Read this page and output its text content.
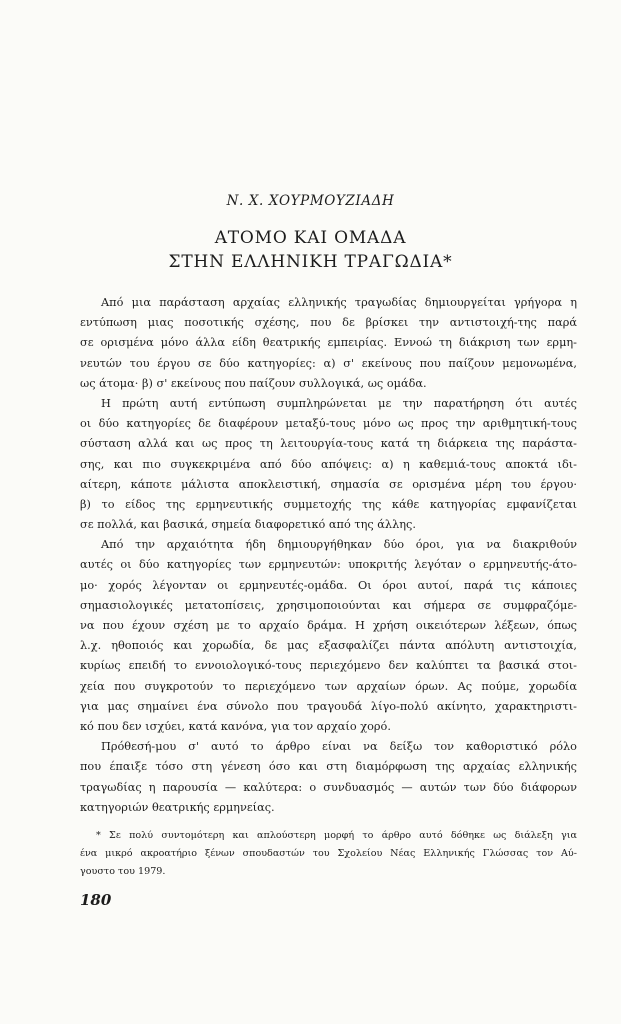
Ν. Χ. ΧΟΥΡΜΟΥΖΙΑΔΗ
ΑΤΟΜΟ ΚΑΙ ΟΜΑΔΑ
ΣΤΗΝ ΕΛΛΗΝΙΚΗ ΤΡΑΓΩΔΙΑ*
Από μια παράσταση αρχαίας ελληνικής τραγωδίας δημιουργείται γρήγορα η
εντύπωση μιας ποσοτικής σχέσης, που δε βρίσκει την αντιστοιχή-της παρά
σε ορισμένα μόνο άλλα είδη θεατρικής εμπειρίας. Εννοώ τη διάκριση των ερμη-
νευτών του έργου σε δύο κατηγορίες: α) σ' εκείνους που παίζουν μεμονωμένα,
ως άτομα· β) σ' εκείνους που παίζουν συλλογικά, ως ομάδα.
Η πρώτη αυτή εντύπωση συμπληρώνεται με την παρατήρηση ότι αυτές
οι δύο κατηγορίες δε διαφέρουν μεταξύ-τους μόνο ως προς την αριθμητική-τους
σύσταση αλλά και ως προς τη λειτουργία-τους κατά τη διάρκεια της παράστα-
σης, και πιο συγκεκριμένα από δύο απόψεις: α) η καθεμιά-τους αποκτά ιδι-
αίτερη, κάποτε μάλιστα αποκλειστική, σημασία σε ορισμένα μέρη του έργου·
β) το είδος της ερμηνευτικής συμμετοχής της κάθε κατηγορίας εμφανίζεται
σε πολλά, και βασικά, σημεία διαφορετικό από της άλλης.
Από την αρχαιότητα ήδη δημιουργήθηκαν δύο όροι, για να διακριθούν
αυτές οι δύο κατηγορίες των ερμηνευτών: υποκριτής λεγόταν ο ερμηνευτής-άτο-
μο· χορός λέγονταν οι ερμηνευτές-ομάδα. Οι όροι αυτοί, παρά τις κάποιες
σημασιολογικές μετατοπίσεις, χρησιμοποιούνται και σήμερα σε συμφραζόμε-
να που έχουν σχέση με το αρχαίο δράμα. Η χρήση οικειότερων λέξεων, όπως
λ.χ. ηθοποιός και χορωδία, δε μας εξασφαλίζει πάντα απόλυτη αντιστοιχία,
κυρίως επειδή το εννοιολογικό-τους περιεχόμενο δεν καλύπτει τα βασικά στοι-
χεία που συγκροτούν το περιεχόμενο των αρχαίων όρων. Ας πούμε, χορωδία
για μας σημαίνει ένα σύνολο που τραγουδά λίγο-πολύ ακίνητο, χαρακτηριστι-
κό που δεν ισχύει, κατά κανόνα, για τον αρχαίο χορό.
Πρόθεσή-μου σ' αυτό το άρθρο είναι να δείξω τον καθοριστικό ρόλο
που έπαιξε τόσο στη γένεση όσο και στη διαμόρφωση της αρχαίας ελληνικής
τραγωδίας η παρουσία — καλύτερα: ο συνδυασμός — αυτών των δύο διάφορων
κατηγοριών θεατρικής ερμηνείας.
* Σε πολύ συντομότερη και απλούστερη μορφή το άρθρο αυτό δόθηκε ως διάλεξη για
ένα μικρό ακροατήριο ξένων σπουδαστών του Σχολείου Νέας Ελληνικής Γλώσσας τον Αύ-
γουστο του 1979.
180
